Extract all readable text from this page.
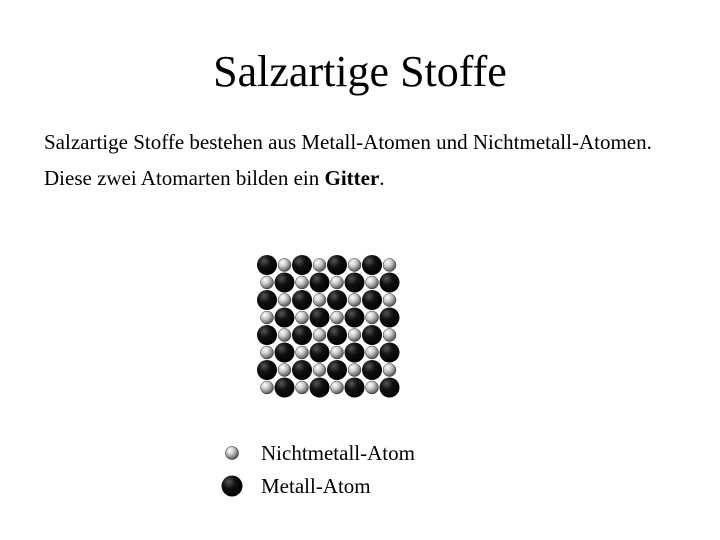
Salzartige Stoffe

Salzartige Stoffe bestehen aus Metall-Atomen und Nichtmetall-Atomen.

Diese zwei Atomarten bilden ein Gitter.

Nichtmetall-Atom
Metall-Atom
